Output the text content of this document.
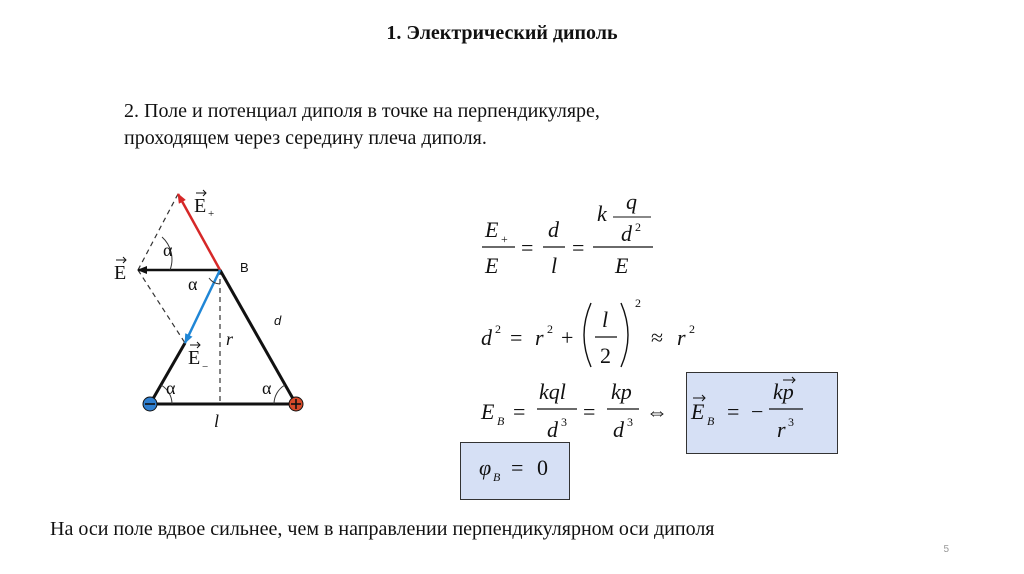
1. Электрический диполь
2. Поле и потенциал диполя в точке на перпендикуляре,
проходящем через середину плеча диполя.
E +
E
E −
α
α
α	α
B
r
d
l
E +
E
=
d
l
=
k q
d 2
E
d 2 = r 2 +
l
2
2
≈ r 2
E B =
kql
d 3 =
kp
d 3 ⇔ E B = −
kp
r 3
φ B = 0
На оси поле вдвое сильнее, чем в направлении перпендикулярном оси диполя
5
